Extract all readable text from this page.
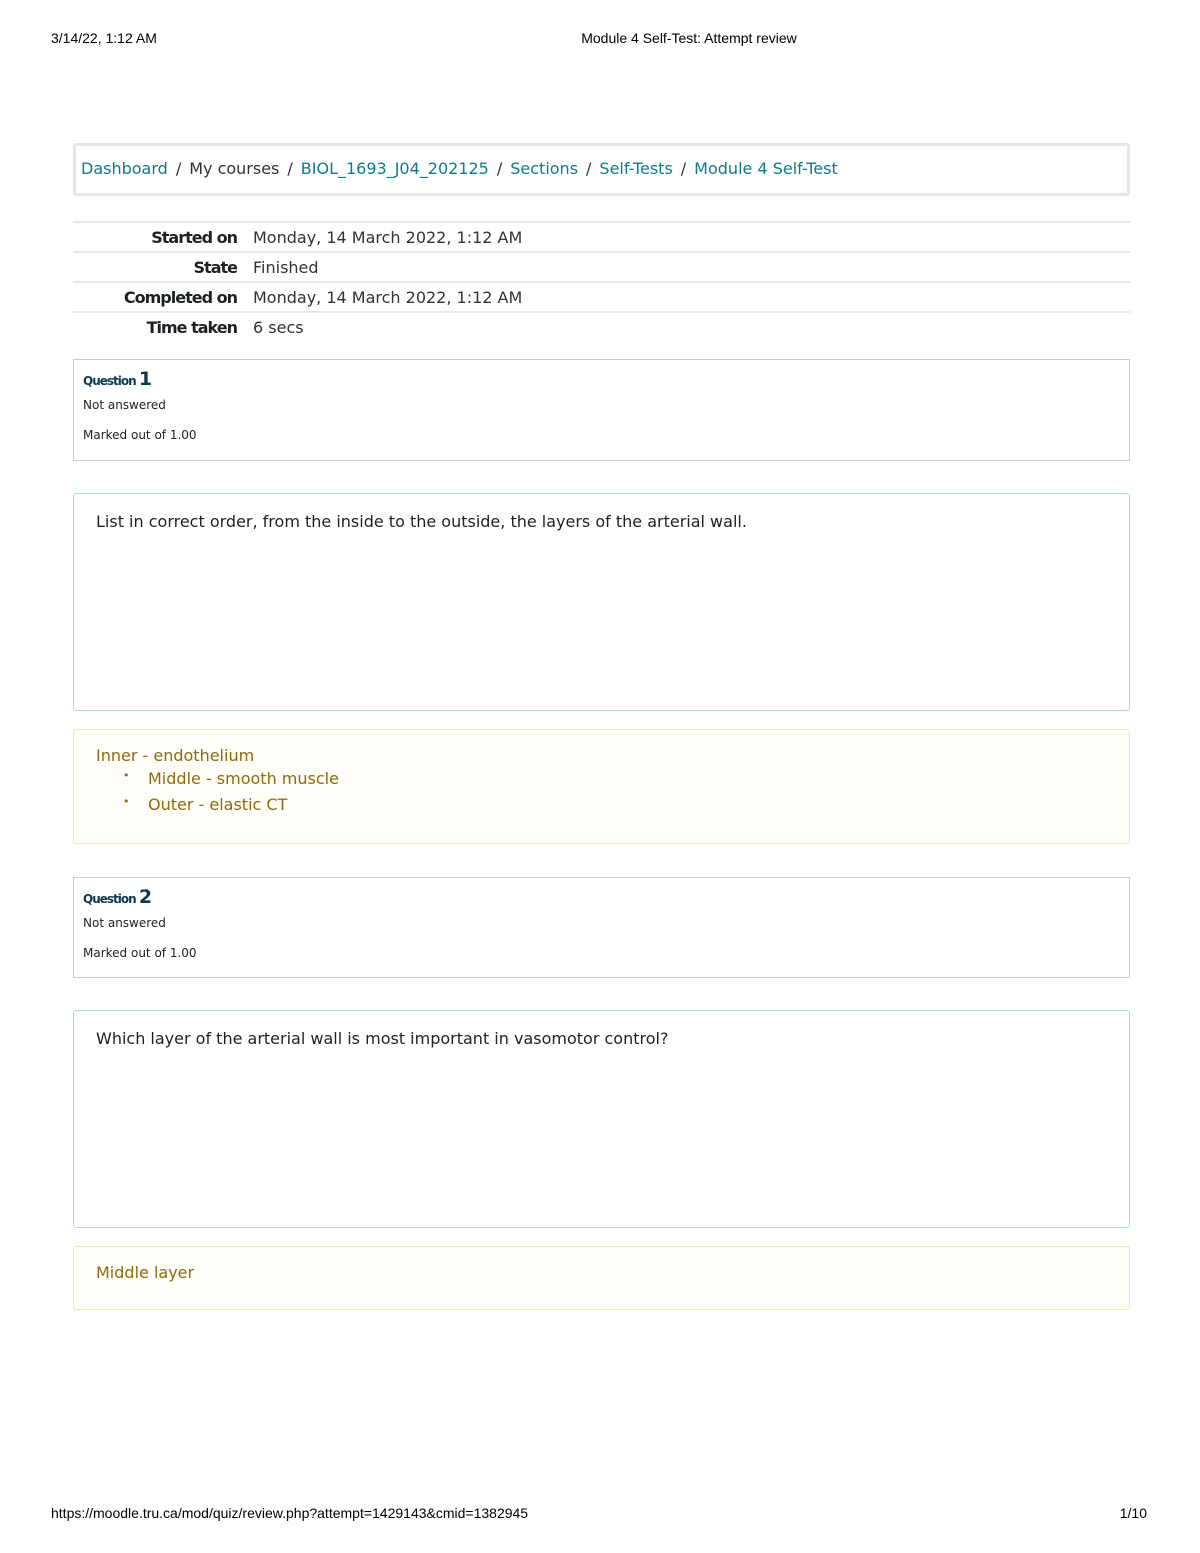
3/14/22, 1:12 AM	Module 4 Self-Test: Attempt review
Dashboard / My courses / BIOL_1693_J04_202125 / Sections / Self-Tests / Module 4 Self-Test
Started on	Monday, 14 March 2022, 1:12 AM
State	Finished
Completed on	Monday, 14 March 2022, 1:12 AM
Time taken	6 secs
Question 1
Not answered
Marked out of 1.00
List in correct order, from the inside to the outside, the layers of the arterial wall.
Inner - endothelium
• Middle - smooth muscle
• Outer - elastic CT
Question 2
Not answered
Marked out of 1.00
Which layer of the arterial wall is most important in vasomotor control?
Middle layer
https://moodle.tru.ca/mod/quiz/review.php?attempt=1429143&cmid=1382945	1/10
